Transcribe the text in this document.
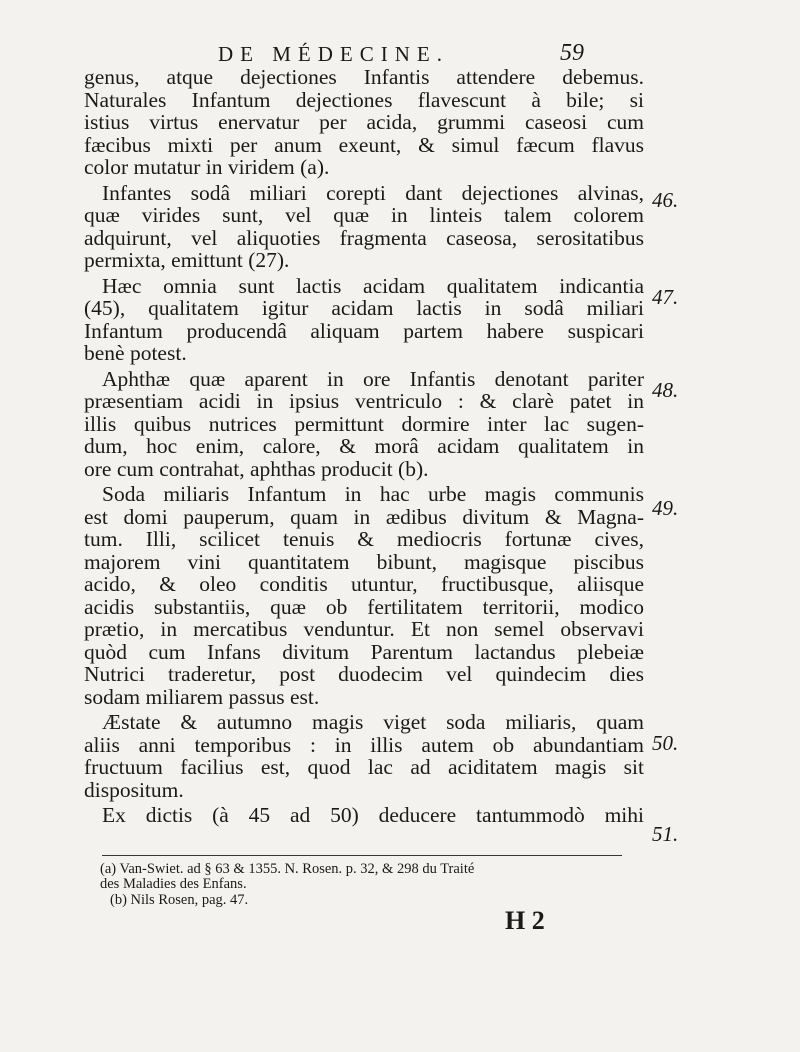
DE MÉDECINE.	59
genus, atque dejectiones Infantis attendere debemus.
Naturales Infantum dejectiones flavescunt à bile; si
istius virtus enervatur per acida, grummi caseosi cum
fæcibus mixti per anum exeunt, & simul fæcum flavus
color mutatur in viridem (a).
Infantes sodâ miliari corepti dant dejectiones alvinas,
quæ virides sunt, vel quæ in linteis talem colorem
adquirunt, vel aliquoties fragmenta caseosa, serositatibus
permixta, emittunt (27).
Hæc omnia sunt lactis acidam qualitatem indicantia
(45), qualitatem igitur acidam lactis in sodâ miliari
Infantum producendâ aliquam partem habere suspicari
benè potest.
Aphthæ quæ aparent in ore Infantis denotant pariter
præsentiam acidi in ipsius ventriculo : & clarè patet in
illis quibus nutrices permittunt dormire inter lac sugen-
dum, hoc enim, calore, & morâ acidam qualitatem in
ore cum contrahat, aphthas producit (b).
Soda miliaris Infantum in hac urbe magis communis
est domi pauperum, quam in ædibus divitum & Magna-
tum. Illi, scilicet tenuis & mediocris fortunæ cives,
majorem vini quantitatem bibunt, magisque piscibus
acido, & oleo conditis utuntur, fructibusque, aliisque
acidis substantiis, quæ ob fertilitatem territorii, modico
prætio, in mercatibus venduntur. Et non semel observavi
quòd cum Infans divitum Parentum lactandus plebeiæ
Nutrici traderetur, post duodecim vel quindecim dies
sodam miliarem passus est.
Æstate & autumno magis viget soda miliaris, quam
aliis anni temporibus : in illis autem ob abundantiam
fructuum facilius est, quod lac ad aciditatem magis sit
dispositum.
Ex dictis (à 45 ad 50) deducere tantummodò mihi
46.
47.
48.
49.
50.
51.
(a) Van-Swiet. ad § 63 & 1355. N. Rosen. p. 32, & 298 du Traité
des Maladies des Enfans.
(b) Nils Rosen, pag. 47.
H 2
